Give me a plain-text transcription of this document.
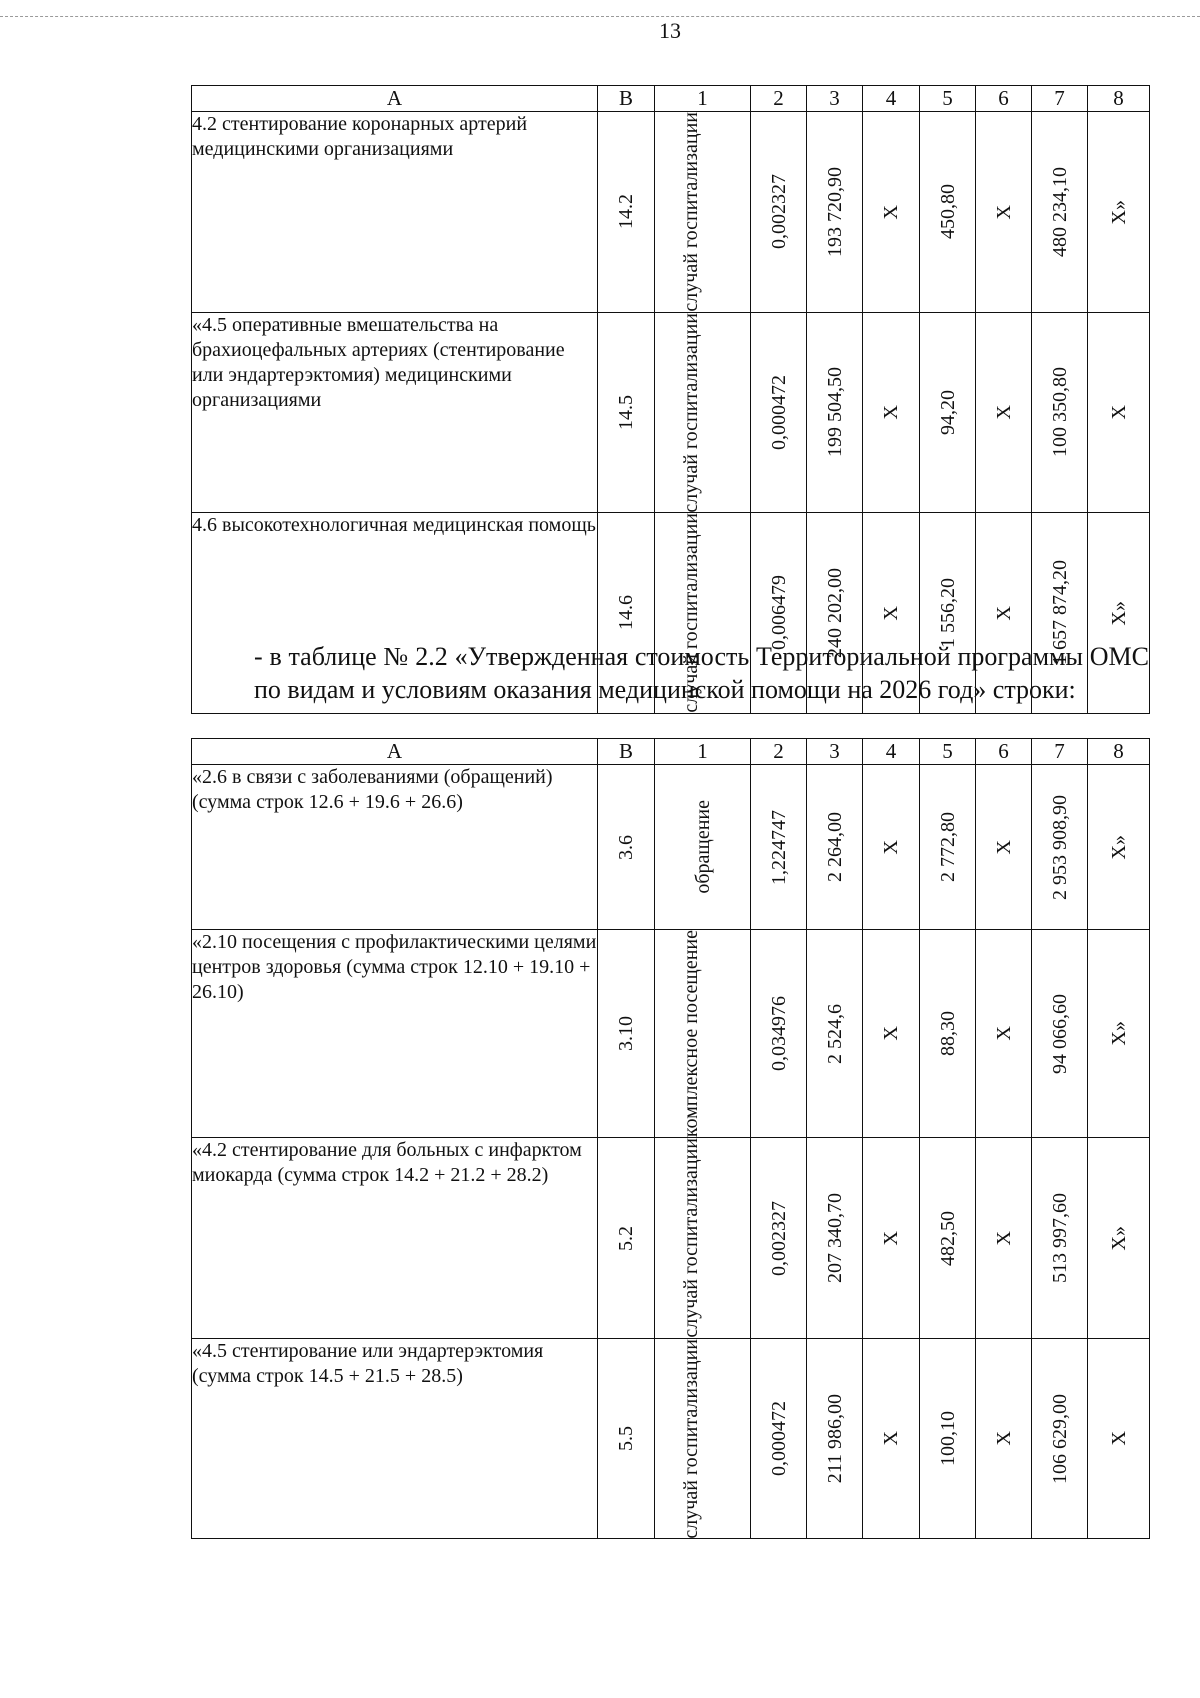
13
А	В	1	2	3	4	5	6	7	8
4.2 стентирование коронарных артерий медицинскими организациями	14.2	случай госпитализации	0,002327	193 720,90	Х	450,80	Х	480 234,10	Х»

«4.5 оперативные вмешательства на брахиоцефальных артериях (стентирование или эндартерэктомия) медицинскими организациями	14.5	случай госпитализации	0,000472	199 504,50	Х	94,20	Х	100 350,80	Х

4.6 высокотехнологичная медицинская помощь	14.6	случай госпитализации	0,006479	240 202,00	Х	1 556,20	Х	1 657 874,20	Х»
- в таблице № 2.2 «Утвержденная стоимость Территориальной программы ОМС по видам и условиям оказания медицинской помощи на 2026 год» строки:
А	В	1	2	3	4	5	6	7	8
«2.6 в связи с заболеваниями (обращений) (сумма строк 12.6 + 19.6 + 26.6)	3.6	обращение	1,224747	2 264,00	Х	2 772,80	Х	2 953 908,90	Х»

«2.10 посещения с профилактическими целями центров здоровья (сумма строк 12.10 + 19.10 + 26.10)	3.10	комплексное посещение	0,034976	2 524,6	Х	88,30	Х	94 066,60	Х»

«4.2 стентирование для больных с инфарктом миокарда (сумма строк 14.2 + 21.2 + 28.2)	5.2	случай госпитализации	0,002327	207 340,70	Х	482,50	Х	513 997,60	Х»

«4.5 стентирование или эндартерэктомия (сумма строк 14.5 + 21.5 + 28.5)	5.5	случай госпитализации	0,000472	211 986,00	Х	100,10	Х	106 629,00	Х
